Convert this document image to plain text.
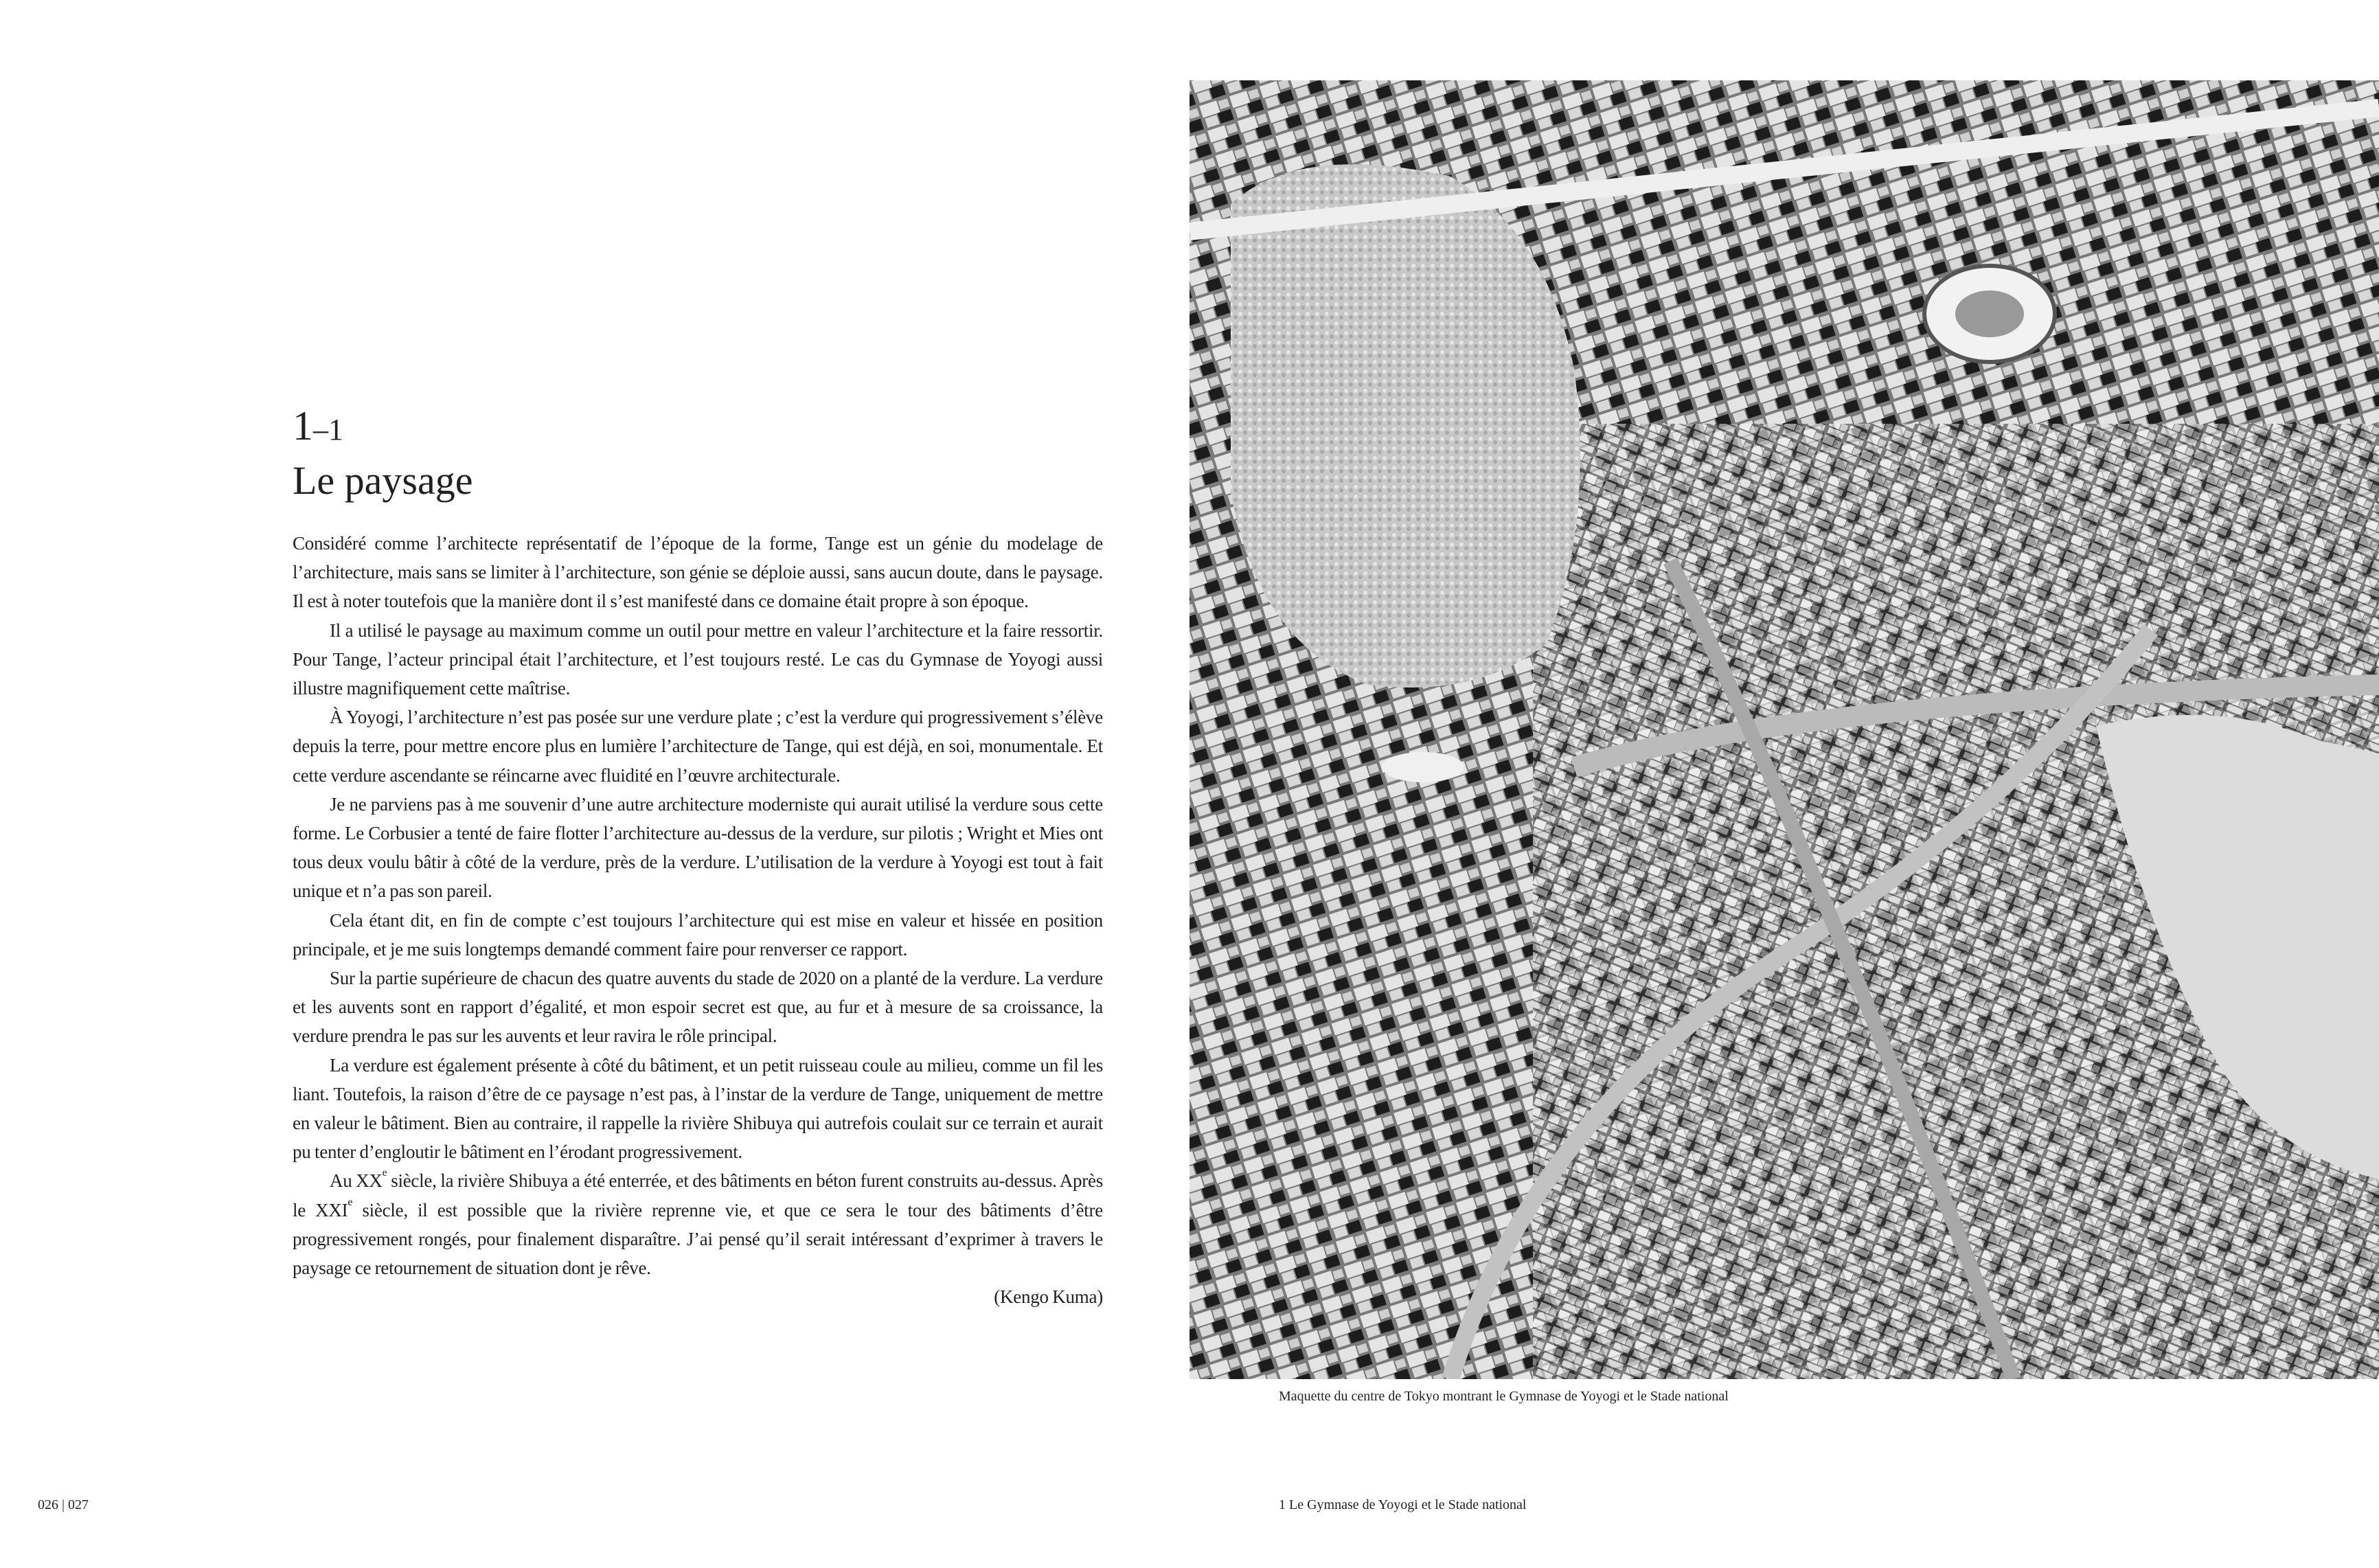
1–1
Le paysage

Considéré comme l’architecte représentatif de l’époque de la forme, Tange est un génie du modelage de l’architecture, mais sans se limiter à l’architecture, son génie se déploie aussi, sans aucun doute, dans le paysage. Il est à noter toutefois que la manière dont il s’est manifesté dans ce domaine était propre à son époque.

Il a utilisé le paysage au maximum comme un outil pour mettre en valeur l’architecture et la faire ressortir. Pour Tange, l’acteur principal était l’architecture, et l’est toujours resté. Le cas du Gymnase de Yoyogi aussi illustre magnifiquement cette maîtrise.

À Yoyogi, l’architecture n’est pas posée sur une verdure plate ; c’est la verdure qui progressivement s’élève depuis la terre, pour mettre encore plus en lumière l’architecture de Tange, qui est déjà, en soi, monumentale. Et cette verdure ascendante se réincarne avec fluidité en l’œuvre architecturale.

Je ne parviens pas à me souvenir d’une autre architecture moderniste qui aurait utilisé la verdure sous cette forme. Le Corbusier a tenté de faire flotter l’architecture au-dessus de la verdure, sur pilotis ; Wright et Mies ont tous deux voulu bâtir à côté de la verdure, près de la verdure. L’utilisation de la verdure à Yoyogi est tout à fait unique et n’a pas son pareil.

Cela étant dit, en fin de compte c’est toujours l’architecture qui est mise en valeur et hissée en position principale, et je me suis longtemps demandé comment faire pour renverser ce rapport.

Sur la partie supérieure de chacun des quatre auvents du stade de 2020 on a planté de la verdure. La verdure et les auvents sont en rapport d’égalité, et mon espoir secret est que, au fur et à mesure de sa croissance, la verdure prendra le pas sur les auvents et leur ravira le rôle principal.

La verdure est également présente à côté du bâtiment, et un petit ruisseau coule au milieu, comme un fil les liant. Toutefois, la raison d’être de ce paysage n’est pas, à l’instar de la verdure de Tange, uniquement de mettre en valeur le bâtiment. Bien au contraire, il rappelle la rivière Shibuya qui autrefois coulait sur ce terrain et aurait pu tenter d’engloutir le bâtiment en l’érodant progressivement.

Au XXe siècle, la rivière Shibuya a été enterrée, et des bâtiments en béton furent construits au-dessus. Après le XXIe siècle, il est possible que la rivière reprenne vie, et que ce sera le tour des bâtiments d’être progressivement rongés, pour finalement disparaître. J’ai pensé qu’il serait intéressant d’exprimer à travers le paysage ce retournement de situation dont je rêve.

(Kengo Kuma)

Maquette du centre de Tokyo montrant le Gymnase de Yoyogi et le Stade national
026 | 027	1 Le Gymnase de Yoyogi et le Stade national
